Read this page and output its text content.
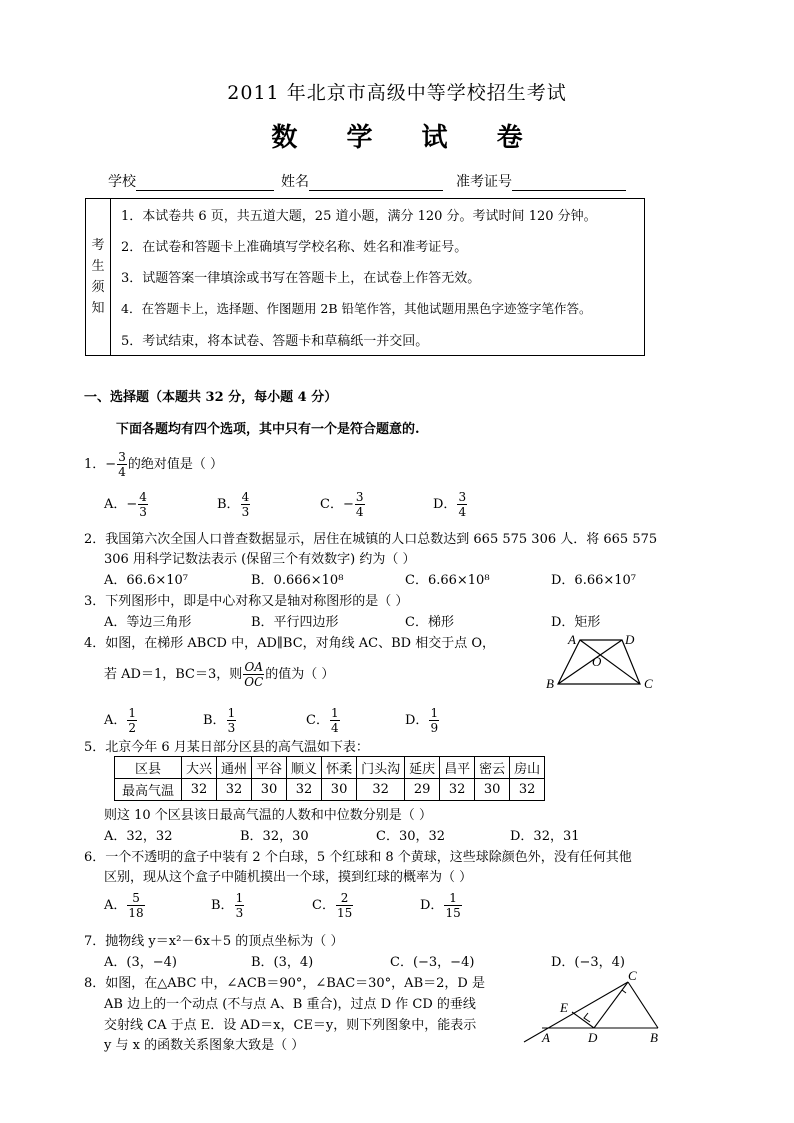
2011 年北京市高级中等学校招生考试
数 学 试 卷
学校	姓名	准考证号
考
生
须
知
	1．本试卷共 6 页，共五道大题，25 道小题，满分 120 分。考试时间 120 分钟。
2．在试卷和答题卡上准确填写学校名称、姓名和准考证号。
3．试题答案一律填涂或书写在答题卡上，在试卷上作答无效。
4．在答题卡上，选择题、作图题用 2B 铅笔作答，其他试题用黑色字迹签字笔作答。
5．考试结束，将本试卷、答题卡和草稿纸一并交回。
一、选择题（本题共 32 分，每小题 4 分）
下面各题均有四个选项，其中只有一个是符合题意的.
1．− $\frac{3}{4}$ 的绝对值是（ ）
A．− $\frac{4}{3}$	B． $\frac{4}{3}$	C．− $\frac{3}{4}$	D． $\frac{3}{4}$
2．我国第六次全国人口普查数据显示，居住在城镇的人口总数达到 665 575 306 人．将 665 575
306 用科学记数法表示 (保留三个有效数字) 约为（ ）
A．66.6×10⁷	B．0.666×10⁸	C．6.66×10⁸	D．6.66×10⁷
3．下列图形中，即是中心对称又是轴对称图形的是（ ）
A．等边三角形	B．平行四边形	C．梯形	D．矩形
4．如图，在梯形 ABCD 中，AD∥BC，对角线 AC、BD 相交于点 O，
若 AD＝1，BC＝3，则 $\frac{OA}{OC}$ 的值为（ ）
A． $\frac{1}{2}$	B． $\frac{1}{3}$	C． $\frac{1}{4}$	D． $\frac{1}{9}$
A	D
O
B	C
5．北京今年 6 月某日部分区县的高气温如下表：
区县	大兴	通州	平谷	顺义	怀柔	门头沟	延庆	昌平	密云	房山
最高气温	32	32	30	32	30	32	29	32	30	32
则这 10 个区县该日最高气温的人数和中位数分别是（ ）
A．32，32	B．32，30	C．30，32	D．32，31
6．一个不透明的盒子中装有 2 个白球，5 个红球和 8 个黄球，这些球除颜色外，没有任何其他
区别，现从这个盒子中随机摸出一个球，摸到红球的概率为（ ）
A． $\frac{5}{18}$	B． $\frac{1}{3}$	C． $\frac{2}{15}$	D． $\frac{1}{15}$
7．抛物线 y＝x²－6x＋5 的顶点坐标为（ ）
A．(3，−4)	B．(3，4)	C．(−3，−4)	D．(−3，4)
8．如图，在△ABC 中，∠ACB＝90°，∠BAC＝30°，AB＝2，D 是
AB 边上的一个动点 (不与点 A、B 重合)，过点 D 作 CD 的垂线
交射线 CA 于点 E．设 AD＝x，CE＝y，则下列图象中，能表示
y 与 x 的函数关系图象大致是（ ）
C
E
A	D	B
